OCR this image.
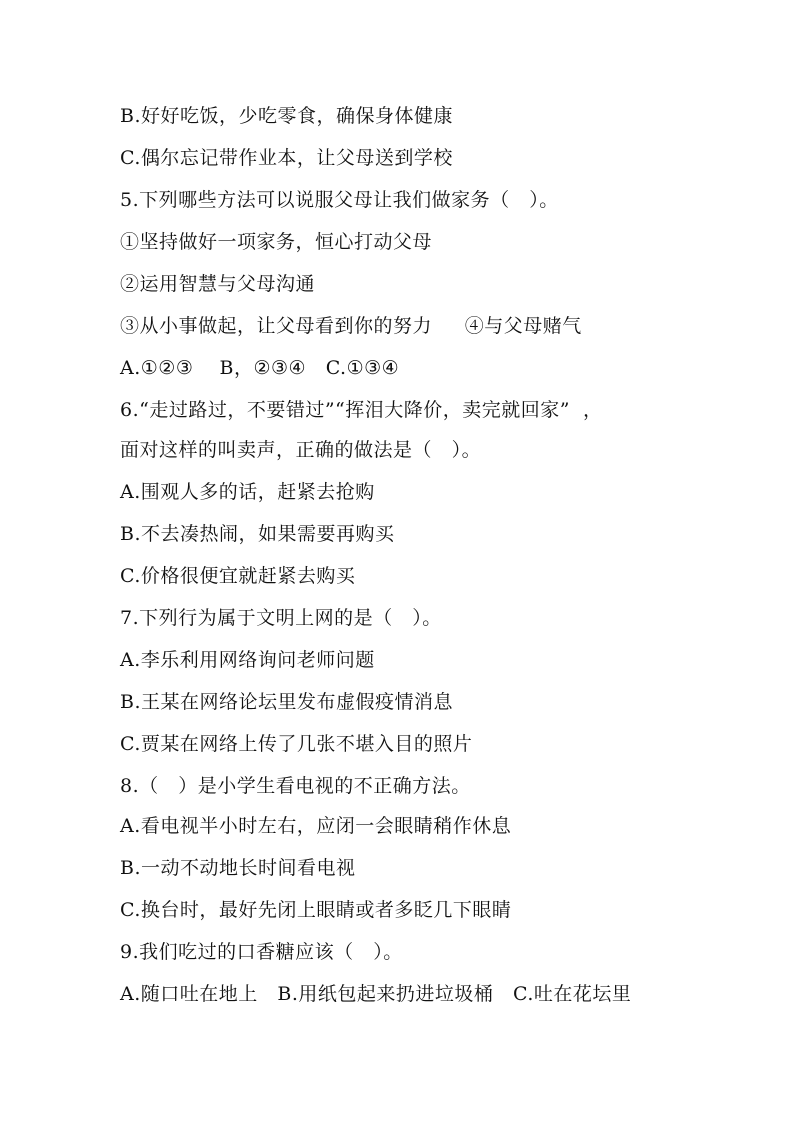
B.好好吃饭，少吃零食，确保身体健康
C.偶尔忘记带作业本，让父母送到学校
5.下列哪些方法可以说服父母让我们做家务（   ）。
①坚持做好一项家务，恒心打动父母
②运用智慧与父母沟通
③从小事做起，让父母看到你的努力     ④与父母赌气
A.①②③    B，②③④   C.①③④
6.“走过路过，不要错过”“挥泪大降价，卖完就回家”  ，
面对这样的叫卖声，正确的做法是（   ）。
A.围观人多的话，赶紧去抢购
B.不去凑热闹，如果需要再购买
C.价格很便宜就赶紧去购买
7.下列行为属于文明上网的是（   ）。
A.李乐利用网络询问老师问题
B.王某在网络论坛里发布虚假疫情消息
C.贾某在网络上传了几张不堪入目的照片
8.（   ）是小学生看电视的不正确方法。
A.看电视半小时左右，应闭一会眼睛稍作休息
B.一动不动地长时间看电视
C.换台时，最好先闭上眼睛或者多眨几下眼睛
9.我们吃过的口香糖应该（   ）。
A.随口吐在地上   B.用纸包起来扔进垃圾桶   C.吐在花坛里
